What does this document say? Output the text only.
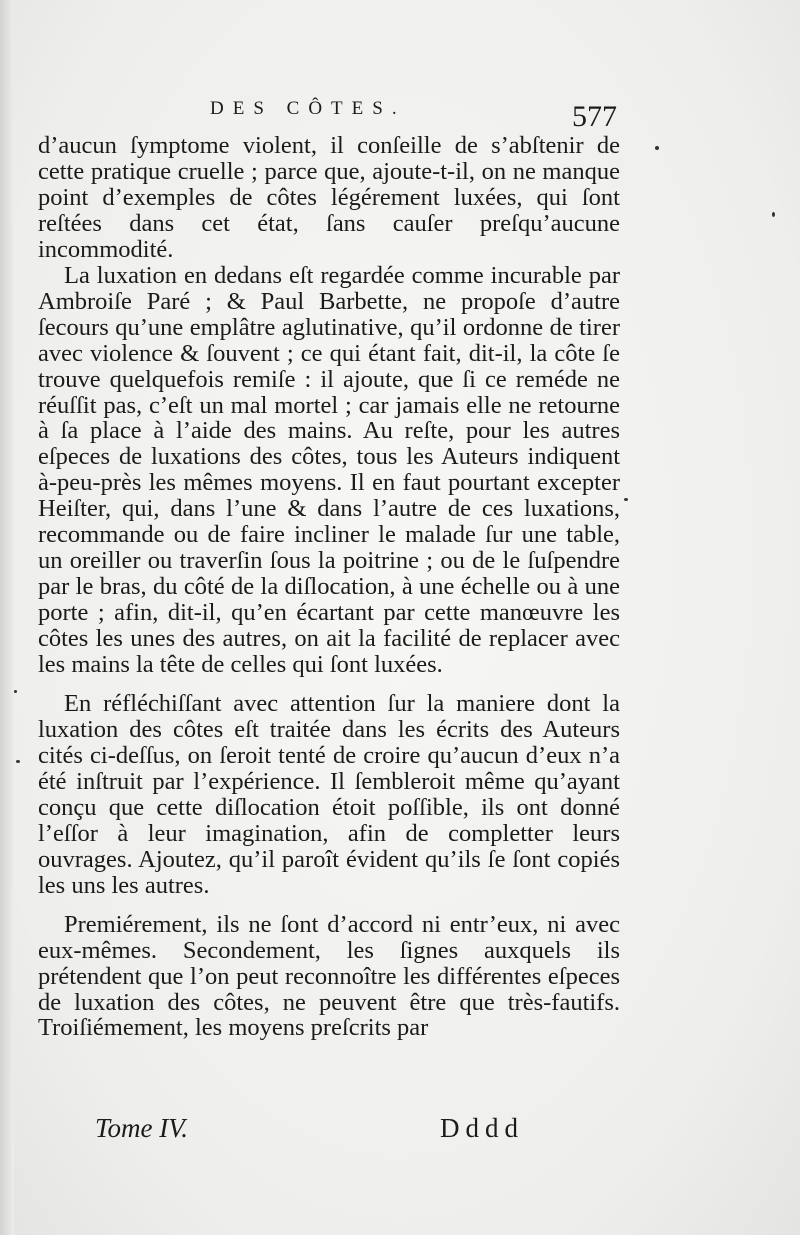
DES CÔTES.	577

d’aucun ſymptome violent, il conſeille de s’abſtenir de cette pratique cruelle ; parce que, ajoute-t-il, on ne manque point d’exemples de côtes légérement luxées, qui ſont reſtées dans cet état, ſans cauſer preſqu’aucune incommodité.

La luxation en dedans eſt regardée comme incurable par Ambroiſe Paré ; & Paul Barbette, ne propoſe d’autre ſecours qu’une emplâtre aglutinative, qu’il ordonne de tirer avec violence & ſouvent ; ce qui étant fait, dit-il, la côte ſe trouve quelquefois remiſe : il ajoute, que ſi ce reméde ne réuſſit pas, c’eſt un mal mortel ; car jamais elle ne retourne à ſa place à l’aide des mains. Au reſte, pour les autres eſpeces de luxations des côtes, tous les Auteurs indiquent à-peu-près les mêmes moyens. Il en faut pourtant excepter Heiſter, qui, dans l’une & dans l’autre de ces luxations, recommande ou de faire incliner le malade ſur une table, un oreiller ou traverſin ſous la poitrine ; ou de le ſuſpendre par le bras, du côté de la diſlocation, à une échelle ou à une porte ; afin, dit-il, qu’en écartant par cette manœuvre les côtes les unes des autres, on ait la facilité de replacer avec les mains la tête de celles qui ſont luxées.

En réfléchiſſant avec attention ſur la maniere dont la luxation des côtes eſt traitée dans les écrits des Auteurs cités ci-deſſus, on ſeroit tenté de croire qu’aucun d’eux n’a été inſtruit par l’expérience. Il ſembleroit même qu’ayant conçu que cette diſlocation étoit poſſible, ils ont donné l’eſſor à leur imagination, afin de completter leurs ouvrages. Ajoutez, qu’il paroît évident qu’ils ſe ſont copiés les uns les autres.

Premiérement, ils ne ſont d’accord ni entr’eux, ni avec eux-mêmes. Secondement, les ſignes auxquels ils prétendent que l’on peut reconnoître les différentes eſpeces de luxation des côtes, ne peuvent être que très-fautifs. Troiſiémement, les moyens preſcrits par

Tome IV.	Dddd
